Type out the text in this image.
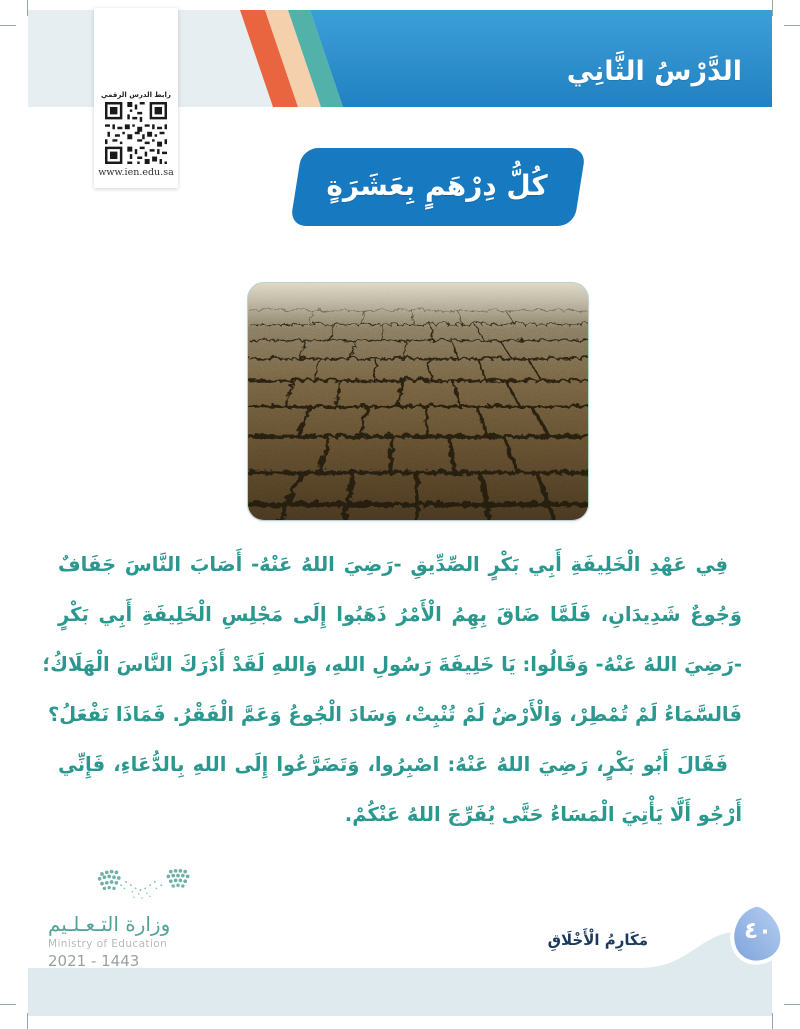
الدَّرْسُ الثَّانِي
رابط الدرس الرقمي
www.ien.edu.sa	كُلُّ دِرْهَمٍ بِعَشَرَةٍ
فِي عَهْدِ الْخَلِيفَةِ أَبِي بَكْرٍ الصِّدِّيقِ -رَضِيَ اللهُ عَنْهُ- أَصَابَ النَّاسَ جَفَافٌ
وَجُوعٌ شَدِيدَانِ، فَلَمَّا ضَاقَ بِهِمُ الْأَمْرُ ذَهَبُوا إِلَى مَجْلِسِ الْخَلِيفَةِ أَبِي بَكْرٍ
-رَضِيَ اللهُ عَنْهُ- وَقَالُوا: يَا خَلِيفَةَ رَسُولِ اللهِ، وَاللهِ لَقَدْ أَدْرَكَ النَّاسَ الْهَلَاكُ؛
فَالسَّمَاءُ لَمْ تُمْطِرْ، وَالْأَرْضُ لَمْ تُنْبِتْ، وَسَادَ الْجُوعُ وَعَمَّ الْفَقْرُ. فَمَاذَا نَفْعَلُ؟
فَقَالَ أَبُو بَكْرٍ، رَضِيَ اللهُ عَنْهُ: اصْبِرُوا، وَتَضَرَّعُوا إِلَى اللهِ بِالدُّعَاءِ، فَإِنِّي
أَرْجُو أَلَّا يَأْتِيَ الْمَسَاءُ حَتَّى يُفَرِّجَ اللهُ عَنْكُمْ.
وزارة التـعـلـيم
Ministry of Education
2021 - 1443
مَكَارِمُ الْأَخْلَاقِ	٤٠
